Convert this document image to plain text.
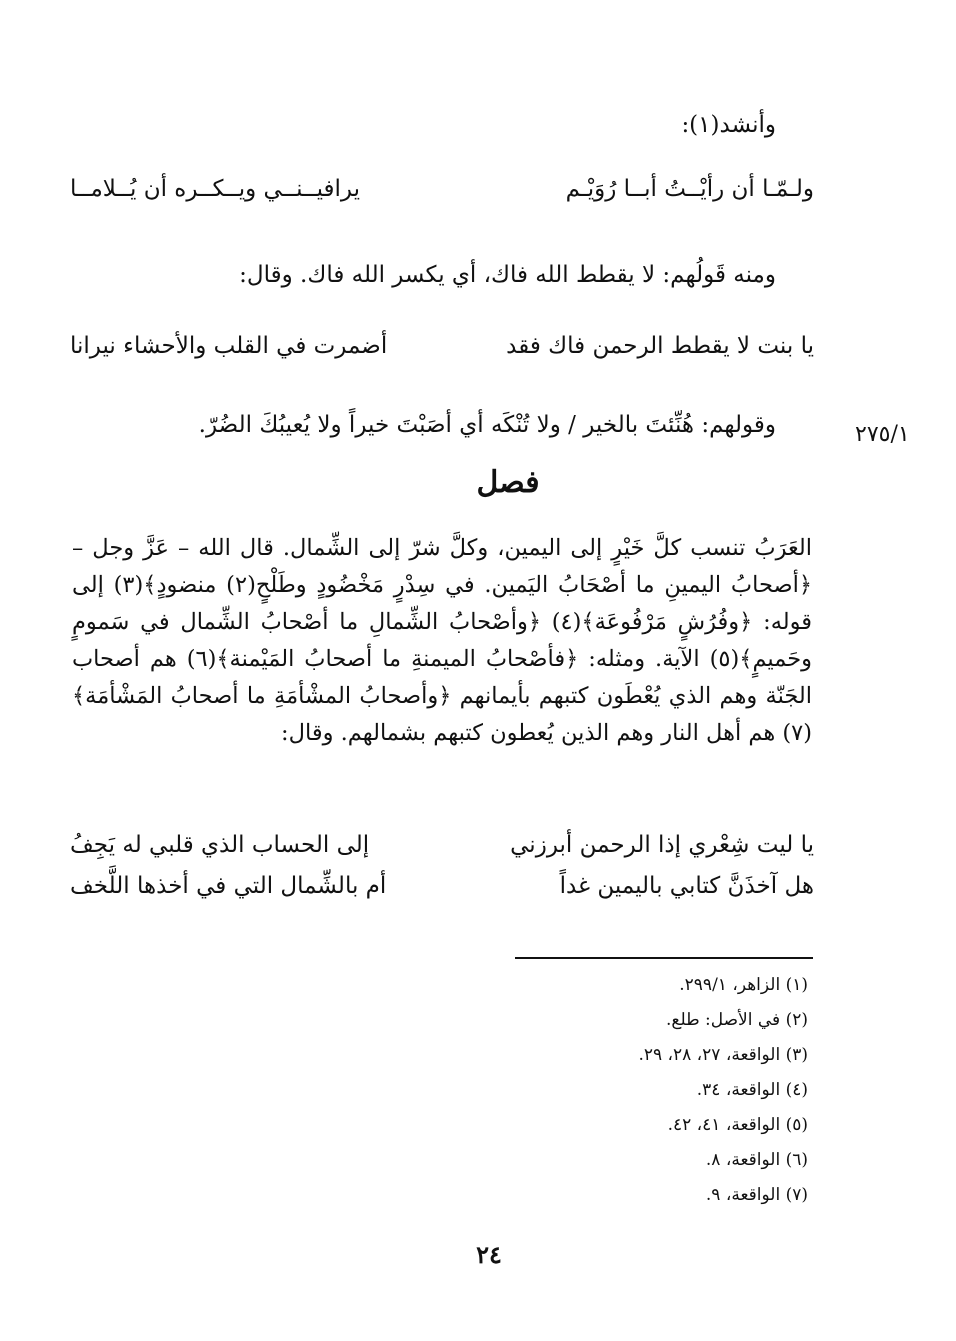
وأنشد(١):
ولـمّـا أن رأيْــتُ أبــا رُوَيْـم
يرافيــنــي ويــكــره أن يُــلامــا
ومنه قَولُهم: لا يقطط الله فاك، أي يكسر الله فاك. وقال:
يا بنت لا يقطط الرحمن فاك فقد
أضمرت في القلب والأحشاء نيرانا
وقولهم: هُنِّئتَ بالخير / ولا تُنْكَه أي أصَبْتَ خيراً ولا يُعيبُكَ الضُرّ.	٢٧٥/١
فصل
العَرَبُ تنسب كلَّ خَيْرٍ إلى اليمين، وكلَّ شرّ إلى الشِّمال. قال الله – عَزَّ وجل – ﴿أصحابُ اليمينِ ما أصْحَابُ اليَمين. في سِدْرٍ مَخْضُودٍ وطَلْحٍ(٢) منضودٍ﴾(٣) إلى قوله: ﴿وفُرُشٍ مَرْفُوعَة﴾(٤) ﴿وأصْحابُ الشِّمالِ ما أصْحابُ الشِّمال في سَمومٍ وحَميمٍ﴾(٥) الآية. ومثله: ﴿فأصْحابُ الميمنةِ ما أصحابُ المَيْمنة﴾(٦) هم أصحاب الجَنّة وهم الذي يُعْطَون كتبهم بأيمانهم ﴿وأصحابُ المشْأمَةِ ما أصحابُ المَشْأمَة﴾(٧) هم أهل النار وهم الذين يُعطون كتبهم بشمالهم. وقال:
يا ليت شِعْري إذا الرحمن أبرزني
إلى الحساب الذي قلبي له يَجِفُ
هل آخذَنَّ كتابي باليمين غداً
أم بالشِّمال التي في أخذها اللَّخف
(١) الزاهر، ٢٩٩/١.
(٢) في الأصل: طلع.
(٣) الواقعة، ٢٧، ٢٨، ٢٩.
(٤) الواقعة، ٣٤.
(٥) الواقعة، ٤١، ٤٢.
(٦) الواقعة، ٨.
(٧) الواقعة، ٩.
٢٤
